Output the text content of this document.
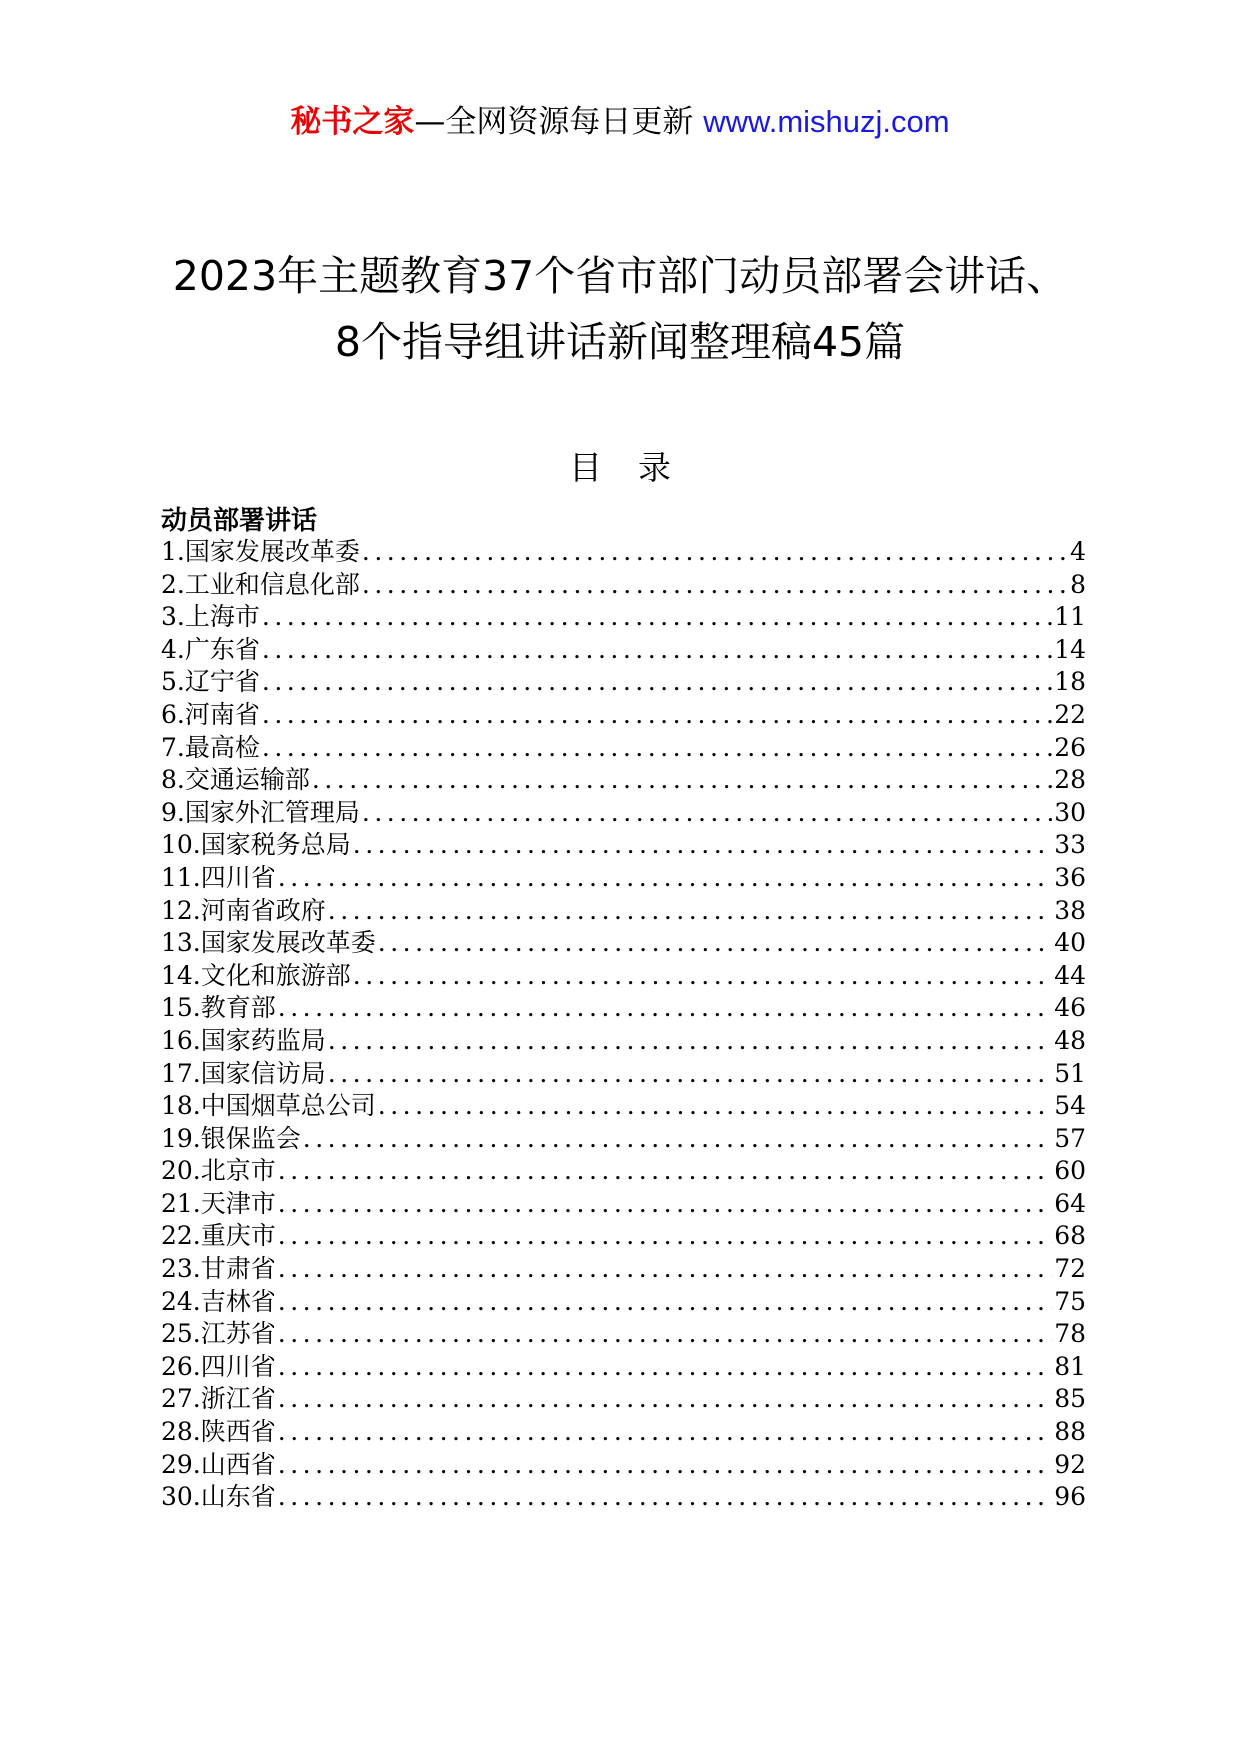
秘书之家—全网资源每日更新 www.mishuzj.com
2023年主题教育37个省市部门动员部署会讲话、
8个指导组讲话新闻整理稿45篇
目 录
动员部署讲话
1. 国家发展改革委 .....	4
2. 工业和信息化部 .....	8
3. 上海市 .....	11
4. 广东省 .....	14
5. 辽宁省 .....	18
6. 河南省 .....	22
7. 最高检 .....	26
8. 交通运输部 .....	28
9. 国家外汇管理局 .....	30
10. 国家税务总局 .....	33
11. 四川省 .....	36
12. 河南省政府 .....	38
13. 国家发展改革委 .....	40
14. 文化和旅游部 .....	44
15. 教育部 .....	46
16. 国家药监局 .....	48
17. 国家信访局 .....	51
18. 中国烟草总公司 .....	54
19. 银保监会 .....	57
20. 北京市 .....	60
21. 天津市 .....	64
22. 重庆市 .....	68
23. 甘肃省 .....	72
24. 吉林省 .....	75
25. 江苏省 .....	78
26. 四川省 .....	81
27. 浙江省 .....	85
28. 陕西省 .....	88
29. 山西省 .....	92
30. 山东省 .....	96
